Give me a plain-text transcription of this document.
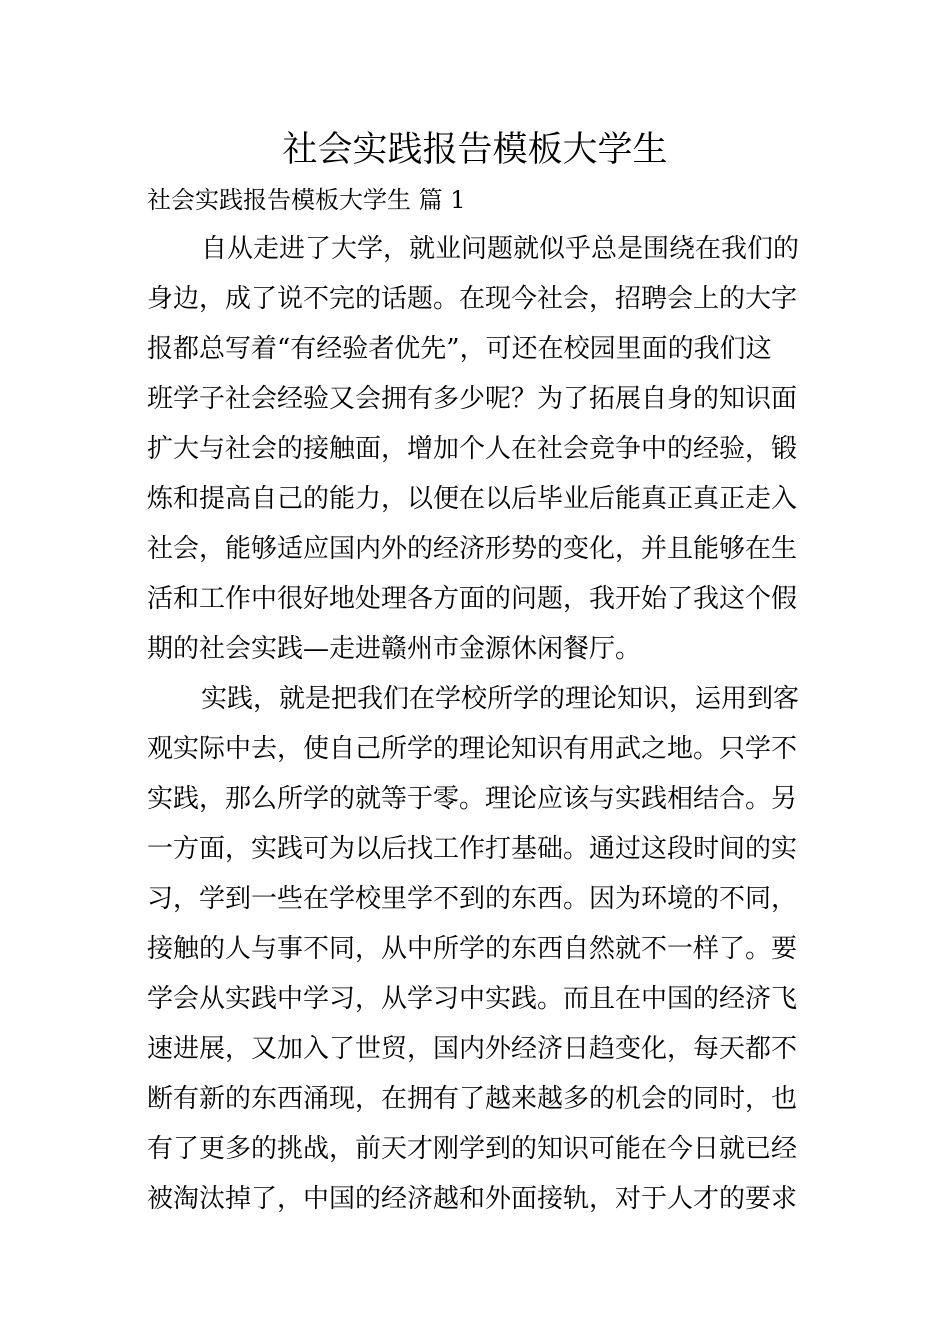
社会实践报告模板大学生

社会实践报告模板大学生 篇 1

自从走进了大学，就业问题就似乎总是围绕在我们的

身边，成了说不完的话题。在现今社会，招聘会上的大字

报都总写着“有经验者优先”，可还在校园里面的我们这

班学子社会经验又会拥有多少呢？为了拓展自身的知识面

扩大与社会的接触面，增加个人在社会竞争中的经验，锻

炼和提高自己的能力，以便在以后毕业后能真正真正走入

社会，能够适应国内外的经济形势的变化，并且能够在生

活和工作中很好地处理各方面的问题，我开始了我这个假

期的社会实践—走进赣州市金源休闲餐厅。

实践，就是把我们在学校所学的理论知识，运用到客

观实际中去，使自己所学的理论知识有用武之地。只学不

实践，那么所学的就等于零。理论应该与实践相结合。另

一方面，实践可为以后找工作打基础。通过这段时间的实

习，学到一些在学校里学不到的东西。因为环境的不同，

接触的人与事不同，从中所学的东西自然就不一样了。要

学会从实践中学习，从学习中实践。而且在中国的经济飞

速进展，又加入了世贸，国内外经济日趋变化，每天都不

断有新的东西涌现，在拥有了越来越多的机会的同时，也

有了更多的挑战，前天才刚学到的知识可能在今日就已经

被淘汰掉了，中国的经济越和外面接轨，对于人才的要求
